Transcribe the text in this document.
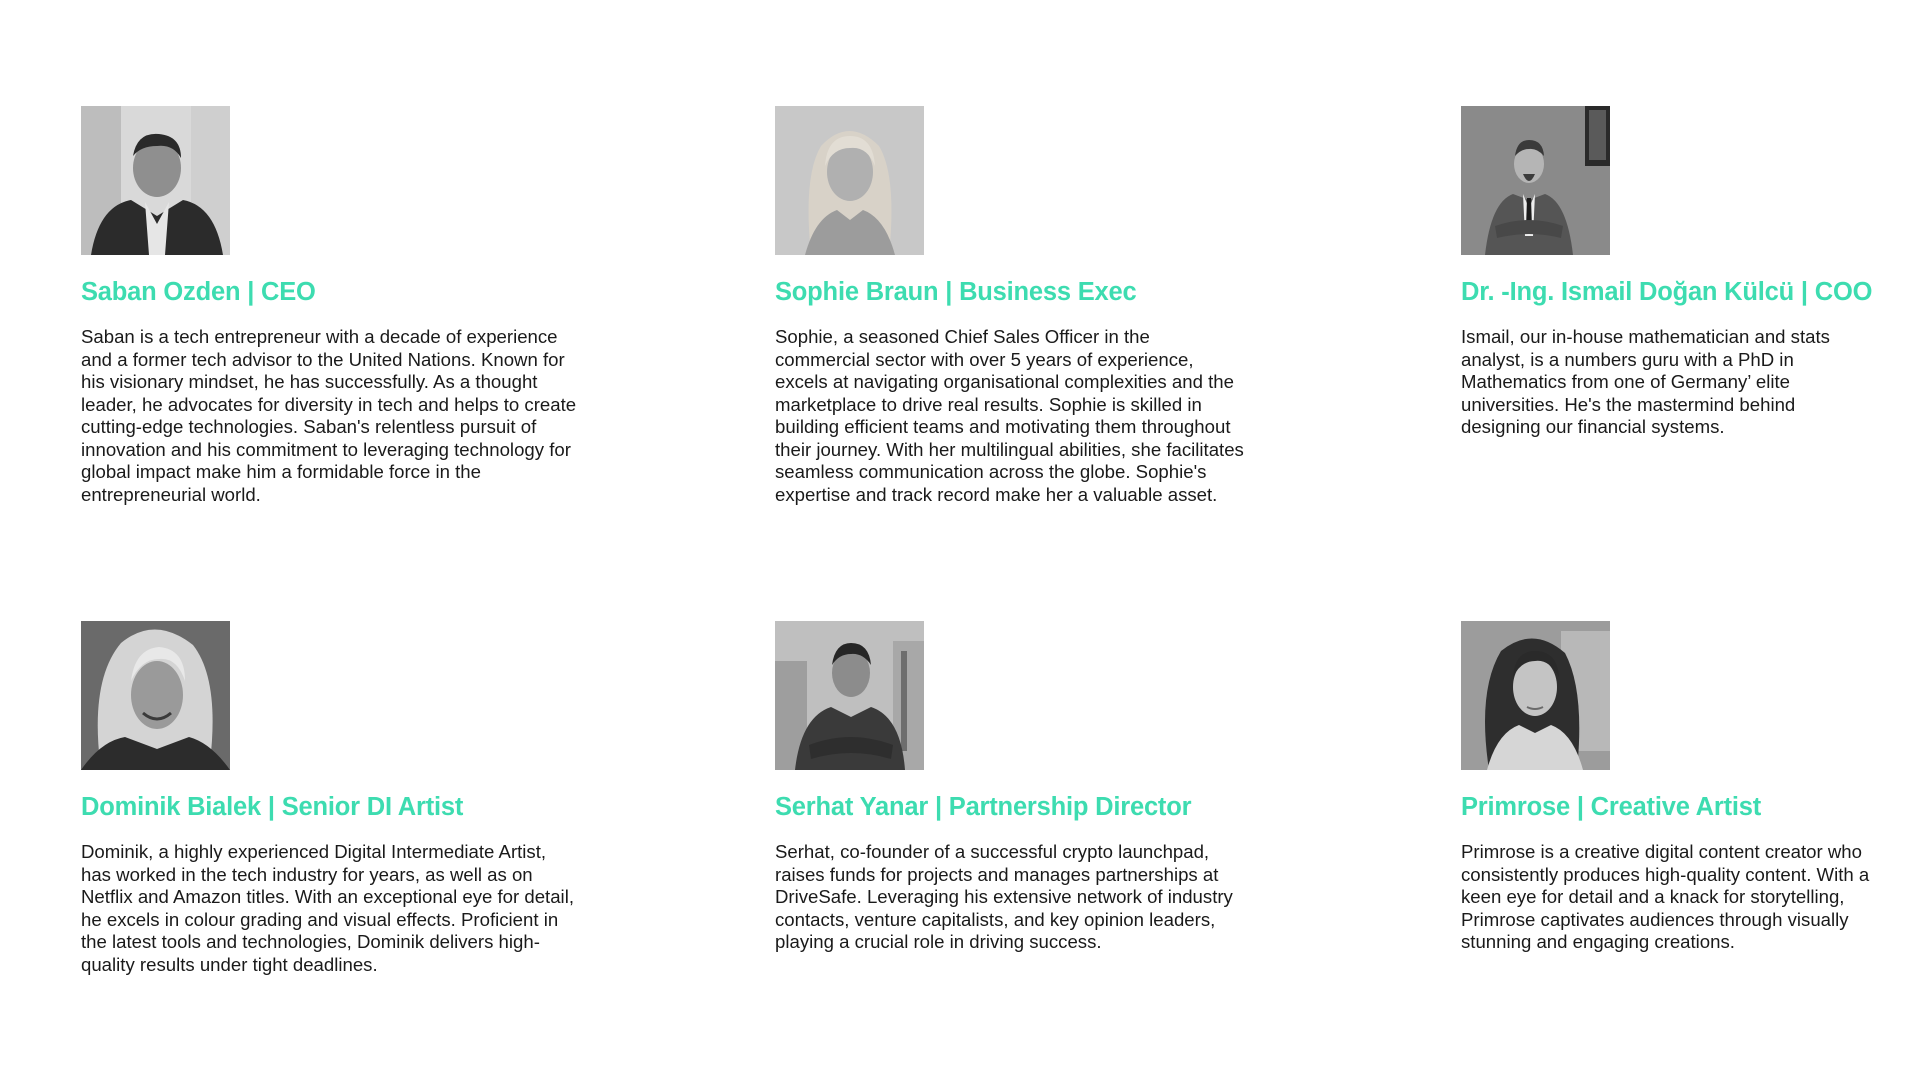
Saban Ozden | CEO

Saban is a tech entrepreneur with a decade of experience and a former tech advisor to the United Nations. Known for his visionary mindset, he has successfully. As a thought leader, he advocates for diversity in tech and helps to create cutting-edge technologies. Saban's relentless pursuit of innovation and his commitment to leveraging technology for global impact make him a formidable force in the entrepreneurial world.

Sophie Braun | Business Exec

Sophie, a seasoned Chief Sales Officer in the commercial sector with over 5 years of experience, excels at navigating organisational complexities and the marketplace to drive real results. Sophie is skilled in building efficient teams and motivating them throughout their journey. With her multilingual abilities, she facilitates seamless communication across the globe. Sophie's expertise and track record make her a valuable asset.

Dr. -Ing. Ismail Doğan Külcü | COO

Ismail, our in-house mathematician and stats analyst, is a numbers guru with a PhD in Mathematics from one of Germany’ elite universities. He's the mastermind behind designing our financial systems.

Dominik Bialek | Senior DI Artist

Dominik, a highly experienced Digital Intermediate Artist, has worked in the tech industry for years, as well as on Netflix and Amazon titles. With an exceptional eye for detail, he excels in colour grading and visual effects. Proficient in the latest tools and technologies, Dominik delivers high-quality results under tight deadlines.

Serhat Yanar | Partnership Director

Serhat, co-founder of a successful crypto launchpad, raises funds for projects and manages partnerships at DriveSafe. Leveraging his extensive network of industry contacts, venture capitalists, and key opinion leaders, playing a crucial role in driving success.

Primrose | Creative Artist

Primrose is a creative digital content creator who consistently produces high-quality content. With a keen eye for detail and a knack for storytelling, Primrose captivates audiences through visually stunning and engaging creations.
